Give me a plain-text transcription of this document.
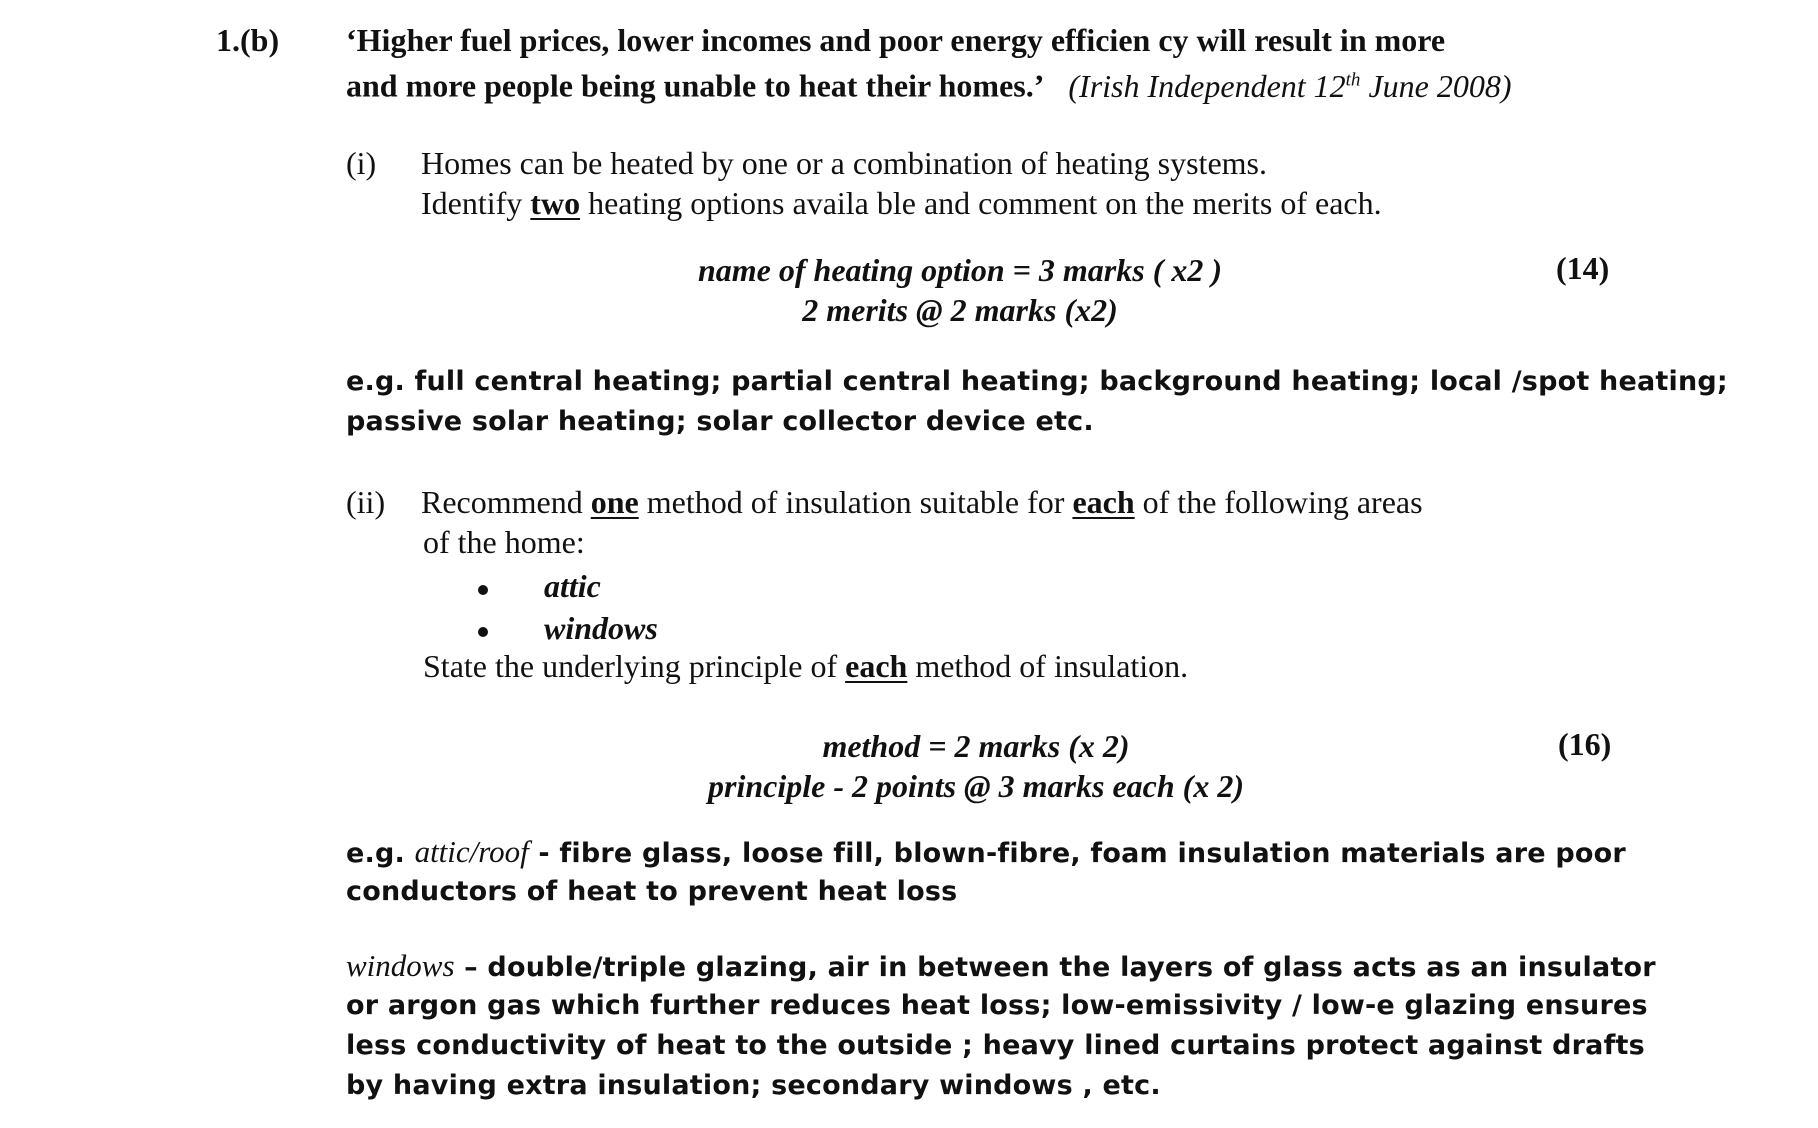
1.(b) ‘Higher fuel prices, lower incomes and poor energy efficien cy will result in more
and more people being unable to heat their homes.’ (Irish Independent 12th June 2008)
(i) Homes can be heated by one or a combination of heating systems.
Identify two heating options availa ble and comment on the merits of each.
name of heating option = 3 marks ( x2 )
2 merits @ 2 marks (x2)
(14)
e.g. full central heating; partial central heating; background heating; local /spot heating;
passive solar heating; solar collector device etc.
(ii) Recommend one method of insulation suitable for each of the following areas
of the home:
attic
windows
State the underlying principle of each method of insulation.
method = 2 marks (x 2)
principle - 2 points @ 3 marks each (x 2)
(16)
e.g. attic/roof - fibre glass, loose fill, blown-fibre, foam insulation materials are poor
conductors of heat to prevent heat loss
windows – double/triple glazing, air in between the layers of glass acts as an insulator
or argon gas which further reduces heat loss; low-emissivity / low-e glazing ensures
less conductivity of heat to the outside ; heavy lined curtains protect against drafts
by having extra insulation; secondary windows , etc.
